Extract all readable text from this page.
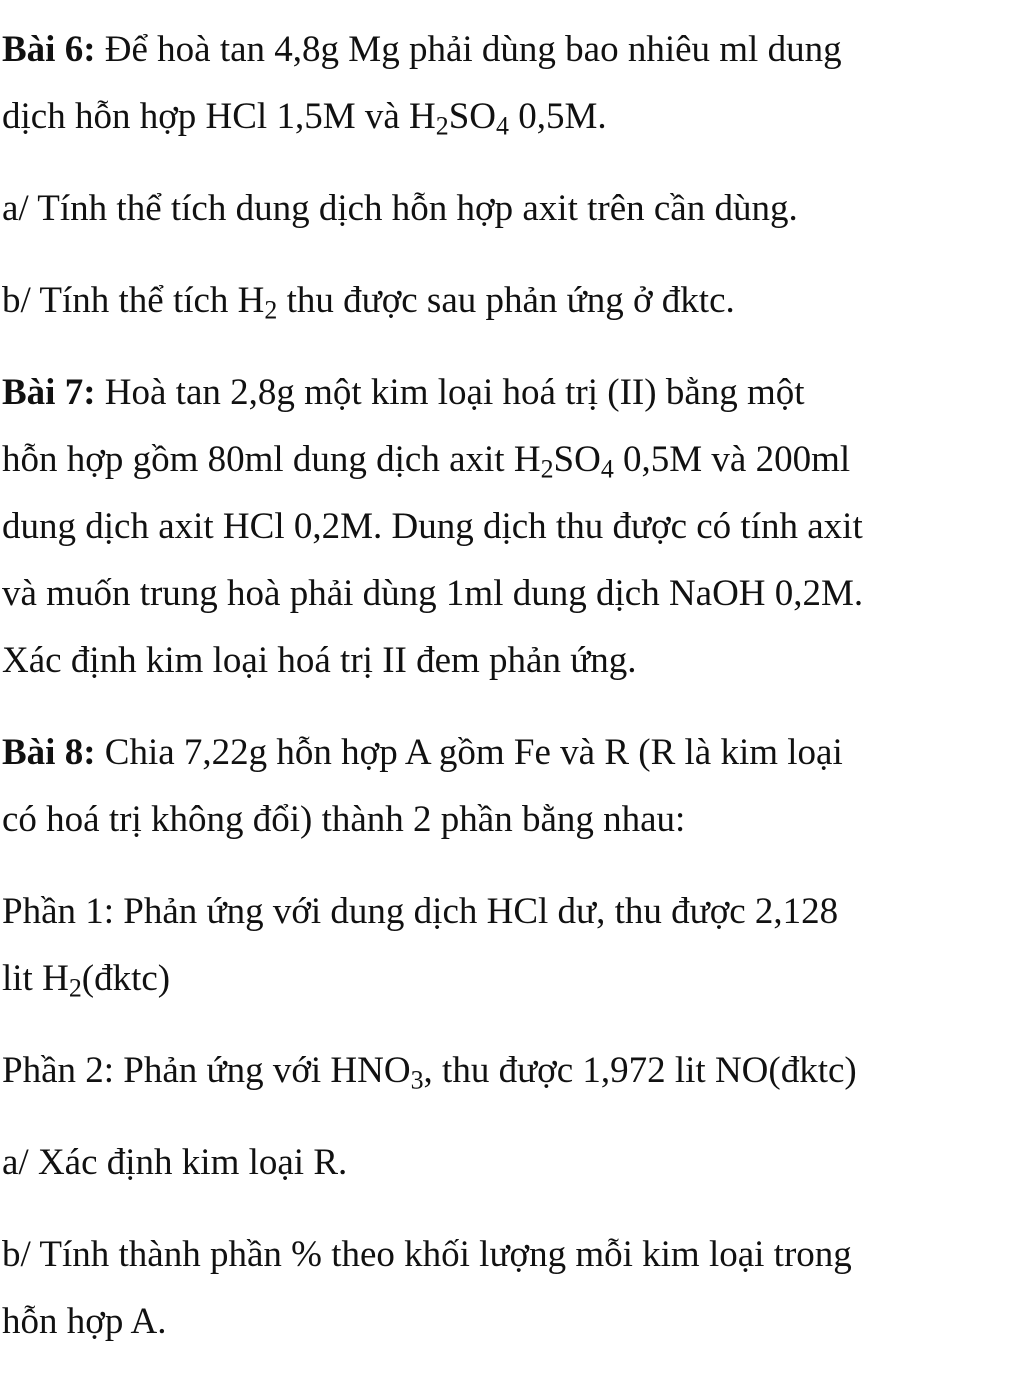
Bài 6: Để hoà tan 4,8g Mg phải dùng bao nhiêu ml dung
dịch hỗn hợp HCl 1,5M và $H_2SO_4$ 0,5M.
a/ Tính thể tích dung dịch hỗn hợp axit trên cần dùng.
b/ Tính thể tích $H_2$ thu được sau phản ứng ở đktc.
Bài 7: Hoà tan 2,8g một kim loại hoá trị (II) bằng một
hỗn hợp gồm 80ml dung dịch axit $H_2SO_4$ 0,5M và 200ml
dung dịch axit HCl 0,2M. Dung dịch thu được có tính axit
và muốn trung hoà phải dùng 1ml dung dịch NaOH 0,2M.
Xác định kim loại hoá trị II đem phản ứng.
Bài 8: Chia 7,22g hỗn hợp A gồm Fe và R (R là kim loại
có hoá trị không đổi) thành 2 phần bằng nhau:
Phần 1: Phản ứng với dung dịch HCl dư, thu được 2,128
lit $H_2(đktc)$
Phần 2: Phản ứng với $HNO_3$, thu được 1,972 lit NO(đktc)
a/ Xác định kim loại R.
b/ Tính thành phần % theo khối lượng mỗi kim loại trong
hỗn hợp A.
